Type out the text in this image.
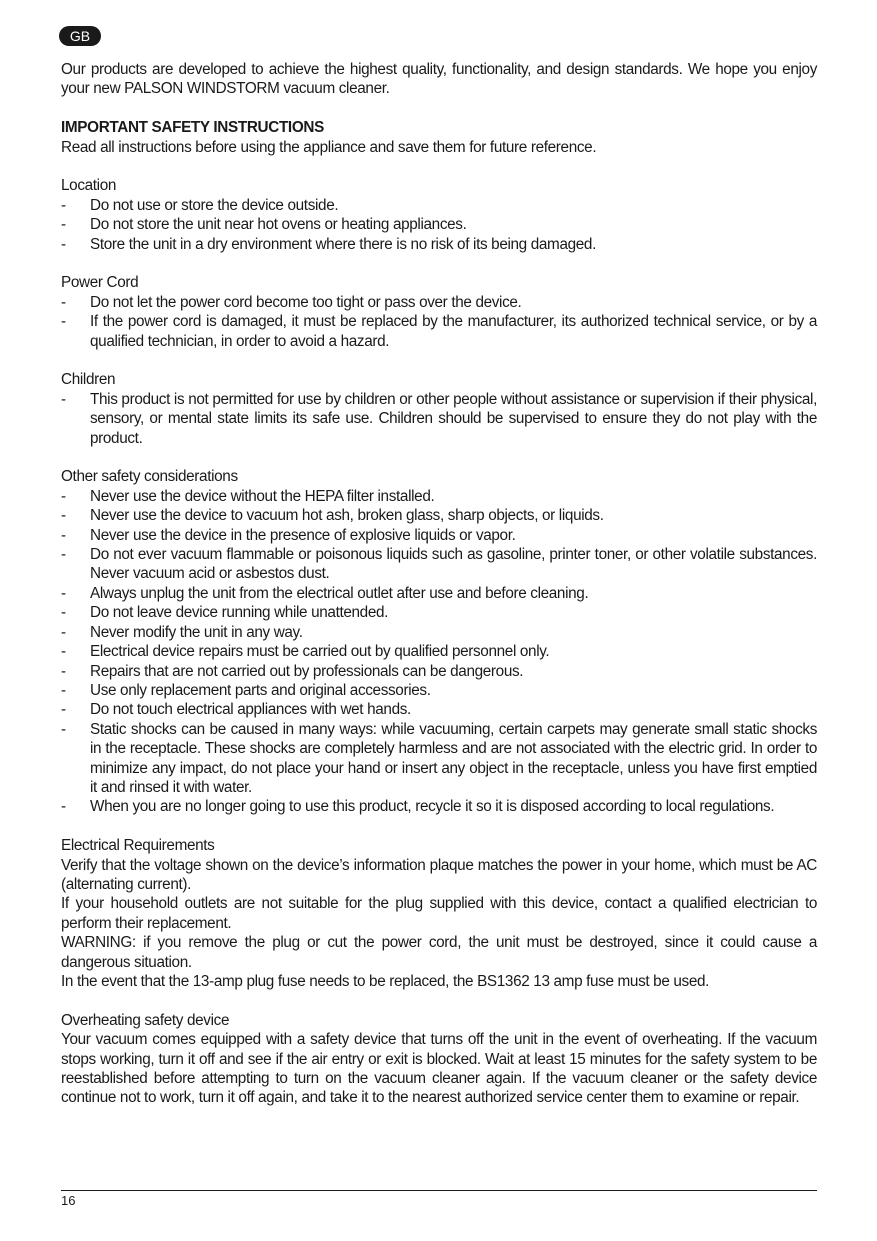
GB

Our products are developed to achieve the highest quality, functionality, and design standards. We hope you enjoy your new PALSON WINDSTORM vacuum cleaner.

IMPORTANT SAFETY INSTRUCTIONS

Read all instructions before using the appliance and save them for future reference.

Location

- Do not use or store the device outside.
- Do not store the unit near hot ovens or heating appliances.
- Store the unit in a dry environment where there is no risk of its being damaged.

Power Cord

- Do not let the power cord become too tight or pass over the device.
- If the power cord is damaged, it must be replaced by the manufacturer, its authorized technical service, or by a qualified technician, in order to avoid a hazard.

Children

- This product is not permitted for use by children or other people without assistance or supervision if their physical, sensory, or mental state limits its safe use. Children should be supervised to ensure they do not play with the product.

Other safety considerations

- Never use the device without the HEPA filter installed.
- Never use the device to vacuum hot ash, broken glass, sharp objects, or liquids.
- Never use the device in the presence of explosive liquids or vapor.
- Do not ever vacuum flammable or poisonous liquids such as gasoline, printer toner, or other volatile substances. Never vacuum acid or asbestos dust.
- Always unplug the unit from the electrical outlet after use and before cleaning.
- Do not leave device running while unattended.
- Never modify the unit in any way.
- Electrical device repairs must be carried out by qualified personnel only.
- Repairs that are not carried out by professionals can be dangerous.
- Use only replacement parts and original accessories.
- Do not touch electrical appliances with wet hands.
- Static shocks can be caused in many ways: while vacuuming, certain carpets may generate small static shocks in the receptacle. These shocks are completely harmless and are not associated with the electric grid. In order to minimize any impact, do not place your hand or insert any object in the receptacle, unless you have first emptied it and rinsed it with water.
- When you are no longer going to use this product, recycle it so it is disposed according to local regulations.

Electrical Requirements

Verify that the voltage shown on the device’s information plaque matches the power in your home, which must be AC (alternating current).

If your household outlets are not suitable for the plug supplied with this device, contact a qualified electrician to perform their replacement.

WARNING: if you remove the plug or cut the power cord, the unit must be destroyed, since it could cause a dangerous situation.

In the event that the 13-amp plug fuse needs to be replaced, the BS1362 13 amp fuse must be used.

Overheating safety device

Your vacuum comes equipped with a safety device that turns off the unit in the event of overheating. If the vacuum stops working, turn it off and see if the air entry or exit is blocked. Wait at least 15 minutes for the safety system to be reestablished before attempting to turn on the vacuum cleaner again. If the vacuum cleaner or the safety device continue not to work, turn it off again, and take it to the nearest authorized service center them to examine or repair.

16
